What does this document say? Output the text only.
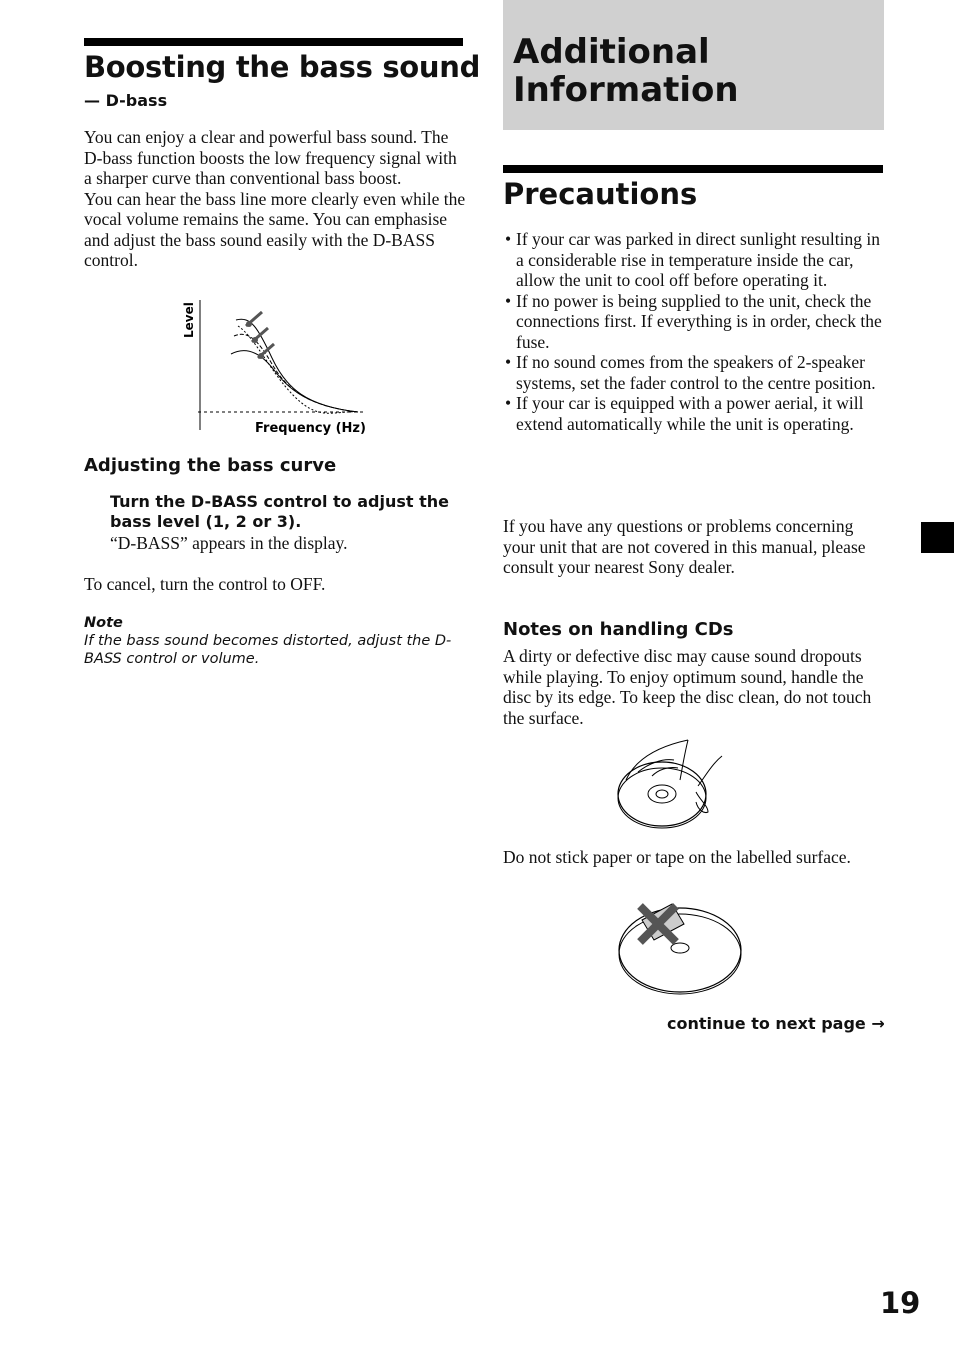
Boosting the bass sound
— D-bass

You can enjoy a clear and powerful bass sound. The D-bass function boosts the low frequency signal with a sharper curve than conventional bass boost.

You can hear the bass line more clearly even while the vocal volume remains the same. You can emphasise and adjust the bass sound easily with the D-BASS control.

Level
Frequency (Hz)
Adjusting the bass curve
Turn the D-BASS control to adjust the bass level (1, 2 or 3).
“D-BASS” appears in the display.
To cancel, turn the control to OFF.
Note
If the bass sound becomes distorted, adjust the D-BASS control or volume.
Additional Information
Precautions
• If your car was parked in direct sunlight resulting in a considerable rise in temperature inside the car, allow the unit to cool off before operating it.
• If no power is being supplied to the unit, check the connections first. If everything is in order, check the fuse.
• If no sound comes from the speakers of 2-speaker systems, set the fader control to the centre position.
• If your car is equipped with a power aerial, it will extend automatically while the unit is operating.
If you have any questions or problems concerning your unit that are not covered in this manual, please consult your nearest Sony dealer.
Notes on handling CDs
A dirty or defective disc may cause sound dropouts while playing. To enjoy optimum sound, handle the disc by its edge. To keep the disc clean, do not touch the surface.
Do not stick paper or tape on the labelled surface.
continue to next page →
19
